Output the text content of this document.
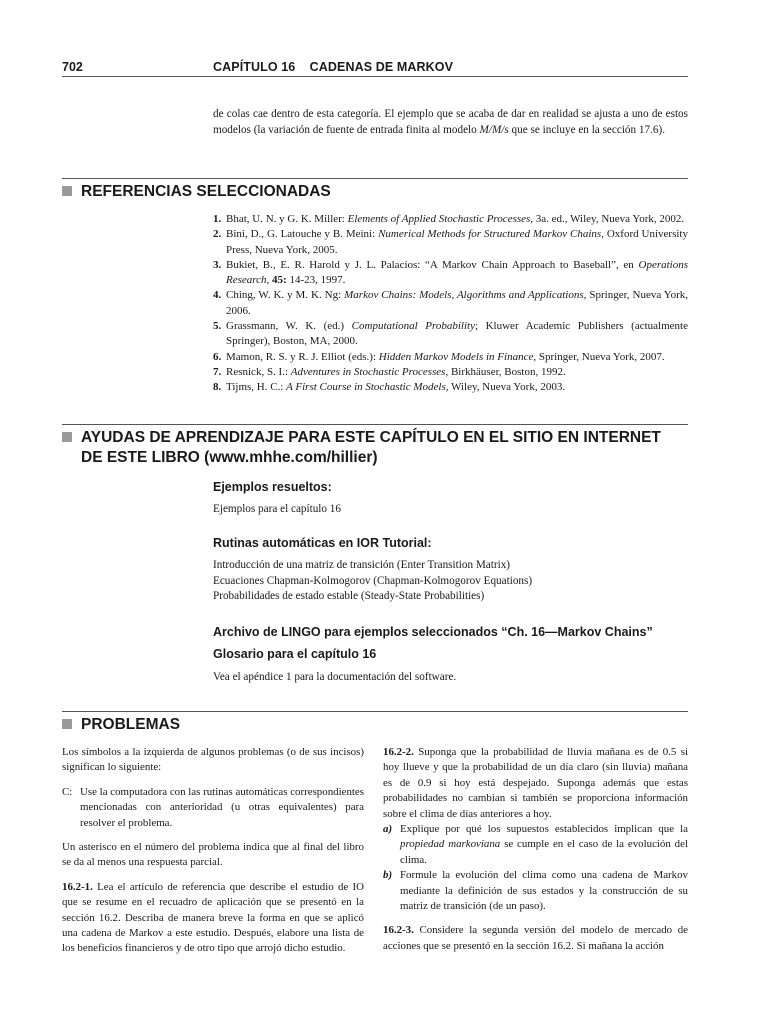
702	CAPÍTULO 16    CADENAS DE MARKOV
de colas cae dentro de esta categoría. El ejemplo que se acaba de dar en realidad se ajusta a uno de estos modelos (la variación de fuente de entrada finita al modelo M/M/s que se incluye en la sección 17.6).
REFERENCIAS SELECCIONADAS
1. Bhat, U. N. y G. K. Miller: Elements of Applied Stochastic Processes, 3a. ed., Wiley, Nueva York, 2002.
2. Bini, D., G. Latouche y B. Meini: Numerical Methods for Structured Markov Chains, Oxford University Press, Nueva York, 2005.
3. Bukiet, B., E. R. Harold y J. L. Palacios: “A Markov Chain Approach to Baseball”, en Operations Research, 45: 14-23, 1997.
4. Ching, W. K. y M. K. Ng: Markov Chains: Models, Algorithms and Applications, Springer, Nueva York, 2006.
5. Grassmann, W. K. (ed.) Computational Probability; Kluwer Academic Publishers (actualmente Springer), Boston, MA, 2000.
6. Mamon, R. S. y R. J. Elliot (eds.): Hidden Markov Models in Finance, Springer, Nueva York, 2007.
7. Resnick, S. I.: Adventures in Stochastic Processes, Birkhäuser, Boston, 1992.
8. Tijms, H. C.: A First Course in Stochastic Models, Wiley, Nueva York, 2003.
AYUDAS DE APRENDIZAJE PARA ESTE CAPÍTULO EN EL SITIO EN INTERNET
DE ESTE LIBRO (www.mhhe.com/hillier)
Ejemplos resueltos:
Ejemplos para el capítulo 16
Rutinas automáticas en IOR Tutorial:
Introducción de una matriz de transición (Enter Transition Matrix)
Ecuaciones Chapman-Kolmogorov (Chapman-Kolmogorov Equations)
Probabilidades de estado estable (Steady-State Probabilities)
Archivo de LINGO para ejemplos seleccionados “Ch. 16—Markov Chains”
Glosario para el capítulo 16
Vea el apéndice 1 para la documentación del software.
PROBLEMAS

Los símbolos a la izquierda de algunos problemas (o de sus incisos) significan lo siguiente:

C: Use la computadora con las rutinas automáticas correspondientes mencionadas con anterioridad (u otras equivalentes) para resolver el problema.

Un asterisco en el número del problema indica que al final del libro se da al menos una respuesta parcial.

16.2-1. Lea el artículo de referencia que describe el estudio de IO que se resume en el recuadro de aplicación que se presentó en la sección 16.2. Describa de manera breve la forma en que se aplicó una cadena de Markov a este estudio. Después, elabore una lista de los beneficios financieros y de otro tipo que arrojó dicho estudio.

16.2-2. Suponga que la probabilidad de lluvia mañana es de 0.5 si hoy llueve y que la probabilidad de un día claro (sin lluvia) mañana es de 0.9 si hoy está despejado. Suponga además que estas probabilidades no cambian si también se proporciona información sobre el clima de días anteriores a hoy.

a) Explique por qué los supuestos establecidos implican que la propiedad markoviana se cumple en el caso de la evolución del clima.
b) Formule la evolución del clima como una cadena de Markov mediante la definición de sus estados y la construcción de su matriz de transición (de un paso).

16.2-3. Considere la segunda versión del modelo de mercado de acciones que se presentó en la sección 16.2. Si mañana la acción
